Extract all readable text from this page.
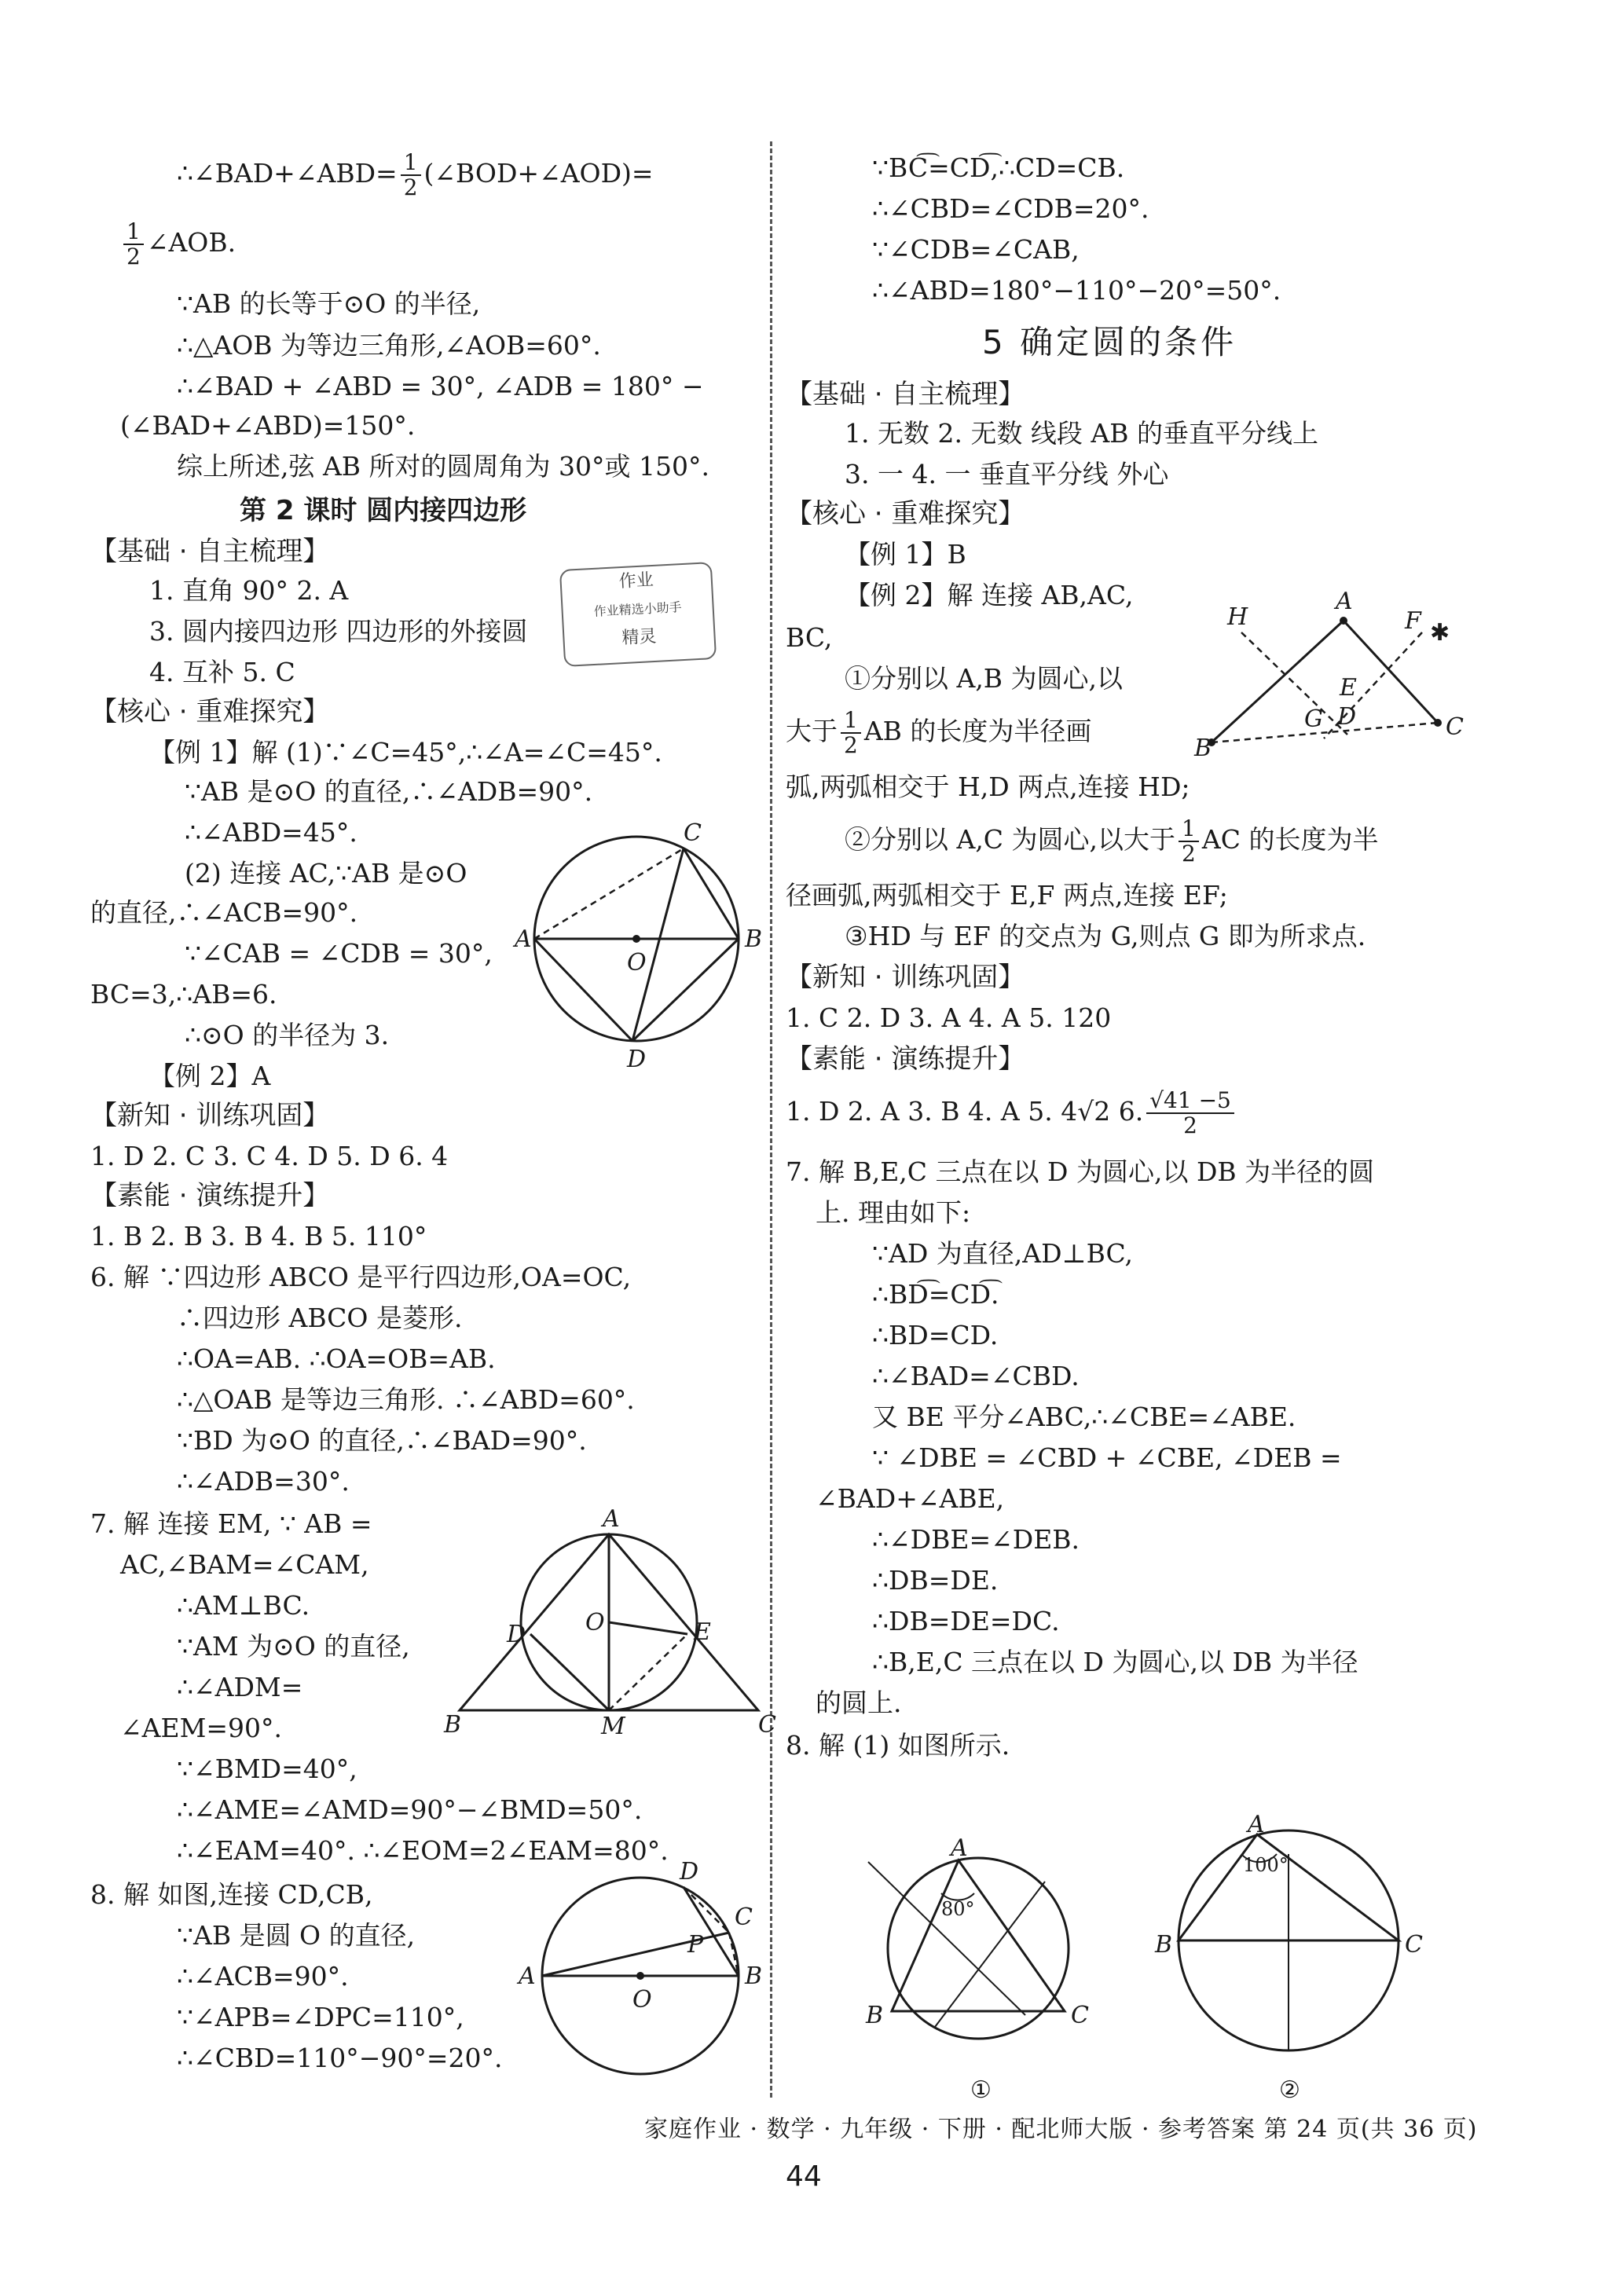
∴∠BAD+∠ABD= $\frac{1}{2}$ (∠BOD+∠AOD)=
$\frac{1}{2}$ ∠AOB.
∵AB 的长等于⊙O 的半径,
∴△AOB 为等边三角形,∠AOB=60°.
∴∠BAD + ∠ABD = 30°, ∠ADB = 180° −
(∠BAD+∠ABD)=150°.
综上所述,弦 AB 所对的圆周角为 30°或 150°.
第 2 课时 圆内接四边形
【基础 · 自主梳理】
1. 直角 90° 2. A
3. 圆内接四边形 四边形的外接圆
4. 互补 5. C
【核心 · 重难探究】
【例 1】解 (1)∵∠C=45°,∴∠A=∠C=45°.
∵AB 是⊙O 的直径,∴∠ADB=90°.
∴∠ABD=45°.
(2) 连接 AC,∵AB 是⊙O
的直径,∴∠ACB=90°.
∵∠CAB = ∠CDB = 30°,
BC=3,∴AB=6.
∴⊙O 的半径为 3.
【例 2】A
【新知 · 训练巩固】
1. D 2. C 3. C 4. D 5. D 6. 4
【素能 · 演练提升】
1. B 2. B 3. B 4. B 5. 110°
6. 解 ∵四边形 ABCO 是平行四边形,OA=OC,
∴四边形 ABCO 是菱形.
∴OA=AB. ∴OA=OB=AB.
∴△OAB 是等边三角形. ∴∠ABD=60°.
∵BD 为⊙O 的直径,∴∠BAD=90°.
∴∠ADB=30°.
7. 解 连接 EM, ∵ AB =
AC,∠BAM=∠CAM,
∴AM⊥BC.
∵AM 为⊙O 的直径,
∴∠ADM=
∠AEM=90°.
∵∠BMD=40°,
∴∠AME=∠AMD=90°−∠BMD=50°.
∴∠EAM=40°. ∴∠EOM=2∠EAM=80°.
8. 解 如图,连接 CD,CB,
∵AB 是圆 O 的直径,
∴∠ACB=90°.
∵∠APB=∠DPC=110°,
∴∠CBD=110°−90°=20°.
作业
作业精选小助手
精灵
C
A	B
O
D
A
B	C
D	E
O
M
A	B
D
C
P
O
∵BC͡=CD͡,∴CD=CB.
∴∠CBD=∠CDB=20°.
∵∠CDB=∠CAB,
∴∠ABD=180°−110°−20°=50°.
5 确定圆的条件
【基础 · 自主梳理】
1. 无数 2. 无数 线段 AB 的垂直平分线上
3. 一 4. 一 垂直平分线 外心
【核心 · 重难探究】
【例 1】B
【例 2】解 连接 AB,AC,
BC,
①分别以 A,B 为圆心,以
大于 $\frac{1}{2}$ AB 的长度为半径画
弧,两弧相交于 H,D 两点,连接 HD;
②分别以 A,C 为圆心,以大于 $\frac{1}{2}$ AC 的长度为半
径画弧,两弧相交于 E,F 两点,连接 EF;
③HD 与 EF 的交点为 G,则点 G 即为所求点.
【新知 · 训练巩固】
1. C 2. D 3. A 4. A 5. 120
【素能 · 演练提升】
1. D 2. A 3. B 4. A 5. 4√2 6. $\frac{√41 -5}{2}$
7. 解 B,E,C 三点在以 D 为圆心,以 DB 为半径的圆
上. 理由如下:
∵AD 为直径,AD⊥BC,
∴BD͡=CD͡.
∴BD=CD.
∴∠BAD=∠CBD.
又 BE 平分∠ABC,∴∠CBE=∠ABE.
∵ ∠DBE = ∠CBD + ∠CBE, ∠DEB =
∠BAD+∠ABE,
∴∠DBE=∠DEB.
∴DB=DE.
∴DB=DE=DC.
∴B,E,C 三点在以 D 为圆心,以 DB 为半径
的圆上.
8. 解 (1) 如图所示.
A
B
C
H	F
E
G D
✱
A
B	C
80°
①
A
B	C
100°
②
家庭作业 · 数学 · 九年级 · 下册 · 配北师大版 · 参考答案 第 24 页(共 36 页)
44
